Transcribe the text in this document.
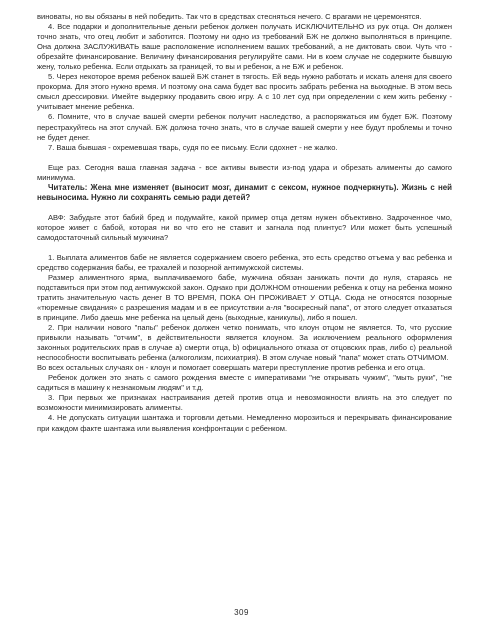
виноваты, но вы обязаны в ней победить. Так что в средствах стесняться нечего. С врагами не церемонятся.

4. Все подарки и дополнительные деньги ребенок должен получать ИСКЛЮЧИТЕЛЬНО из рук отца. Он должен точно знать, что отец любит и заботится. Поэтому ни одно из требований БЖ не должно выполняться в принципе. Она должна ЗАСЛУЖИВАТЬ ваше расположение исполнением ваших требований, а не диктовать свои. Чуть что - обрезайте финансирование. Величину финансирования регулируйте сами. Ни в коем случае не содержите бывшую жену, только ребенка. Если отдыхать за границей, то вы и ребенок, а не БЖ и ребенок.

5. Через некоторое время ребенок вашей БЖ станет в тягость. Ей ведь нужно работать и искать аленя для своего прокорма. Для этого нужно время. И поэтому она сама будет вас просить забрать ребенка на выходные. В этом весь смысл дрессировки. Имейте выдержку продавить свою игру. А с 10 лет суд при определении с кем жить ребенку - учитывает мнение ребенка.

6. Помните, что в случае вашей смерти ребенок получит наследство, а распоряжаться им будет БЖ. Поэтому перестрахуйтесь на этот случай. БЖ должна точно знать, что в случае вашей смерти у нее будут проблемы и точно не будет денег.

7. Ваша бывшая - охремевшая тварь, судя по ее письму. Если сдохнет - не жалко.

Еще раз. Сегодня ваша главная задача - все активы вывести из-под удара и обрезать алименты до самого минимума.

Читатель: Жена мне изменяет (выносит мозг, динамит с сексом, нужное подчеркнуть). Жизнь с ней невыносима. Нужно ли сохранять семью ради детей?

АВФ: Забудьте этот бабий бред и подумайте, какой пример отца детям нужен объективно. Задроченное чмо, которое живет с бабой, которая ни во что его не ставит и загнала под плинтус? Или может быть успешный самодостаточный сильный мужчина?

1. Выплата алиментов бабе не является содержанием своего ребенка, это есть средство отъема у вас ребенка и средство содержания бабы, ее трахалей и позорной антимужской системы.

Размер алиментного ярма, выплачиваемого бабе, мужчина обязан занижать почти до нуля, стараясь не подставиться при этом под антимужской закон. Однако при ДОЛЖНОМ отношении ребенка к отцу на ребенка можно тратить значительную часть денег В ТО ВРЕМЯ, ПОКА ОН ПРОЖИВАЕТ У ОТЦА. Сюда не относятся позорные «тюремные свидания» с разрешения мадам и в ее присутствии а-ля "воскресный папа", от этого следует отказаться в принципе. Либо даешь мне ребенка на целый день (выходные, каникулы), либо я пошел.

2. При наличии нового "папы" ребенок должен четко понимать, что клоун отцом не является. То, что русские привыкли называть "отчим", в действительности является клоуном. За исключением реального оформления законных родительских прав в случае a) смерти отца, b) официального отказа от отцовских прав, либо с) реальной неспособности воспитывать ребенка (алкоголизм, психиатрия). В этом случае новый "папа" может стать ОТЧИМОМ.

Во всех остальных случаях он - клоун и помогает совершать матери преступление против ребенка и его отца.

Ребенок должен это знать с самого рождения вместе с императивами "не открывать чужим", "мыть руки", "не садиться в машину к незнакомым людям" и т.д.

3. При первых же признаках настраивания детей против отца и невозможности влиять на это следует по возможности минимизировать алименты.

4. Не допускать ситуации шантажа и торговли детьми. Немедленно морозиться и перекрывать финансирование при каждом факте шантажа или выявления конфронтации с ребенком.

309
